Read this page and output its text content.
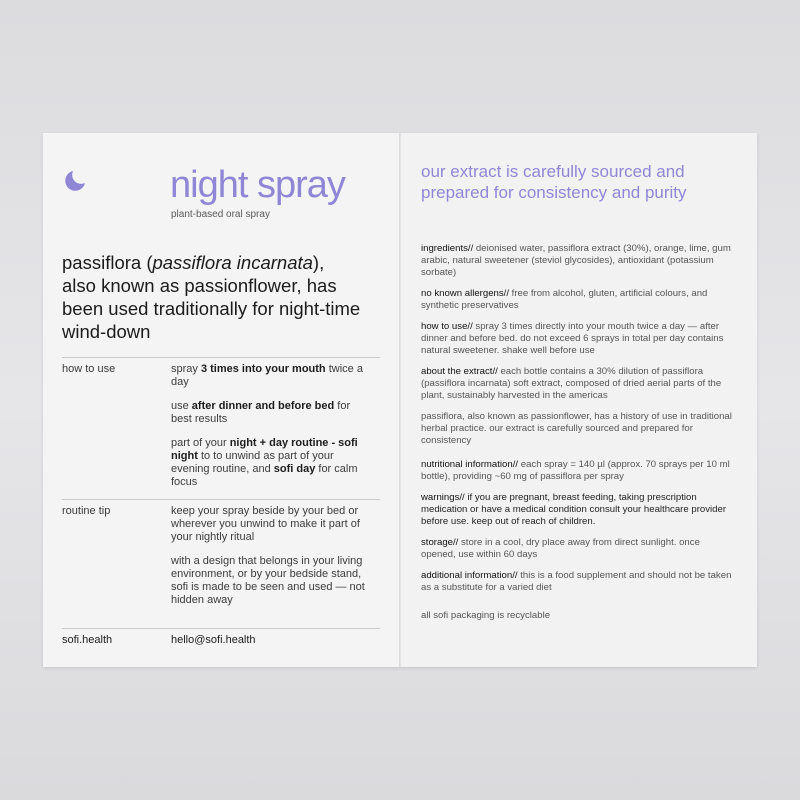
night spray
plant-based oral spray

passiflora (passiflora incarnata), also known as passionflower, has been used traditionally for night-time wind-down

how to use	spray 3 times into your mouth twice a day

use after dinner and before bed for best results

part of your night + day routine - sofi night to to unwind as part of your evening routine, and sofi day for calm focus

routine tip	keep your spray beside by your bed or wherever you unwind to make it part of your nightly ritual

with a design that belongs in your living environment, or by your bedside stand, sofi is made to be seen and used — not hidden away

sofi.health	hello@sofi.health
our extract is carefully sourced and prepared for consistency and purity

ingredients// deionised water, passiflora extract (30%), orange, lime, gum arabic, natural sweetener (steviol glycosides), antioxidant (potassium sorbate)

no known allergens// free from alcohol, gluten, artificial colours, and synthetic preservatives

how to use// spray 3 times directly into your mouth twice a day — after dinner and before bed. do not exceed 6 sprays in total per day contains natural sweetener. shake well before use

about the extract// each bottle contains a 30% dilution of passiflora (passiflora incarnata) soft extract, composed of dried aerial parts of the plant, sustainably harvested in the americas

passiflora, also known as passionflower, has a history of use in traditional herbal practice. our extract is carefully sourced and prepared for consistency

nutritional information// each spray = 140 µl (approx. 70 sprays per 10 ml bottle), providing ~60 mg of passiflora per spray

warnings// if you are pregnant, breast feeding, taking prescription medication or have a medical condition consult your healthcare provider before use. keep out of reach of children.

storage// store in a cool, dry place away from direct sunlight. once opened, use within 60 days

additional information// this is a food supplement and should not be taken as a substitute for a varied diet

all sofi packaging is recyclable
